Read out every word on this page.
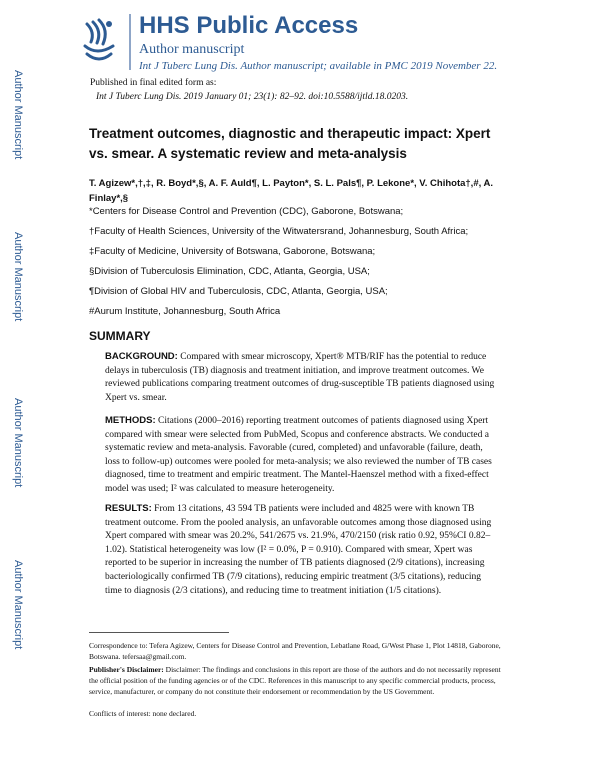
Author Manuscript
Author Manuscript
Author Manuscript
Author Manuscript
HHS Public Access
Author manuscript
Int J Tuberc Lung Dis. Author manuscript; available in PMC 2019 November 22.
Published in final edited form as:
Int J Tuberc Lung Dis. 2019 January 01; 23(1): 82–92. doi:10.5588/ijtld.18.0203.
Treatment outcomes, diagnostic and therapeutic impact: Xpert vs. smear. A systematic review and meta-analysis
T. Agizew*,†,‡, R. Boyd*,§, A. F. Auld¶, L. Payton*, S. L. Pals¶, P. Lekone*, V. Chihota†,#, A. Finlay*,§
*Centers for Disease Control and Prevention (CDC), Gaborone, Botswana;
†Faculty of Health Sciences, University of the Witwatersrand, Johannesburg, South Africa;
‡Faculty of Medicine, University of Botswana, Gaborone, Botswana;
§Division of Tuberculosis Elimination, CDC, Atlanta, Georgia, USA;
¶Division of Global HIV and Tuberculosis, CDC, Atlanta, Georgia, USA;
#Aurum Institute, Johannesburg, South Africa
SUMMARY
BACKGROUND: Compared with smear microscopy, Xpert® MTB/RIF has the potential to reduce delays in tuberculosis (TB) diagnosis and treatment initiation, and improve treatment outcomes. We reviewed publications comparing treatment outcomes of drug-susceptible TB patients diagnosed using Xpert vs. smear.
METHODS: Citations (2000–2016) reporting treatment outcomes of patients diagnosed using Xpert compared with smear were selected from PubMed, Scopus and conference abstracts. We conducted a systematic review and meta-analysis. Favorable (cured, completed) and unfavorable (failure, death, loss to follow-up) outcomes were pooled for meta-analysis; we also reviewed the number of TB cases diagnosed, time to treatment and empiric treatment. The Mantel-Haenszel method with a fixed-effect model was used; I² was calculated to measure heterogeneity.
RESULTS: From 13 citations, 43 594 TB patients were included and 4825 were with known TB treatment outcome. From the pooled analysis, an unfavorable outcomes among those diagnosed using Xpert compared with smear was 20.2%, 541/2675 vs. 21.9%, 470/2150 (risk ratio 0.92, 95%CI 0.82–1.02). Statistical heterogeneity was low (I² = 0.0%, P = 0.910). Compared with smear, Xpert was reported to be superior in increasing the number of TB patients diagnosed (2/9 citations), increasing bacteriologically confirmed TB (7/9 citations), reducing empiric treatment (3/5 citations), reducing time to diagnosis (2/3 citations), and reducing time to treatment initiation (1/5 citations).
Correspondence to: Tefera Agizew, Centers for Disease Control and Prevention, Lebatlane Road, G/West Phase 1, Plot 14818, Gaborone, Botswana. tefersaa@gmail.com.
Publisher's Disclaimer: Disclaimer: The findings and conclusions in this report are those of the authors and do not necessarily represent the official position of the funding agencies or of the CDC. References in this manuscript to any specific commercial products, process, service, manufacturer, or company do not constitute their endorsement or recommendation by the US Government.
Conflicts of interest: none declared.
